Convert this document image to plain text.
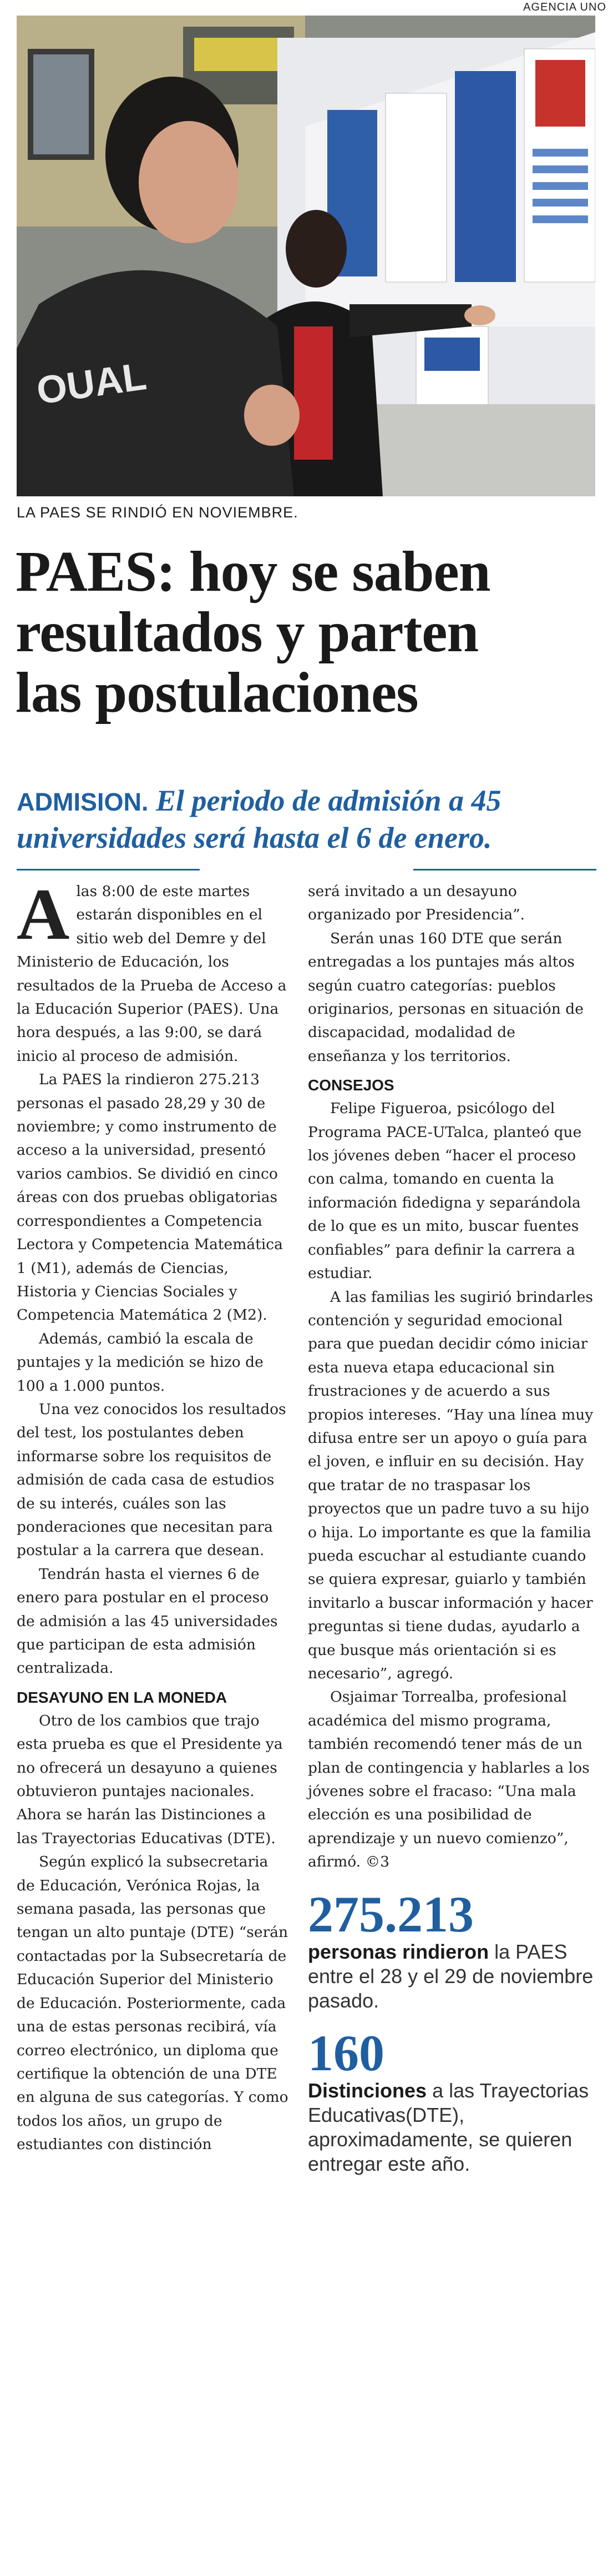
AGENCIA UNO
OUAL
LA PAES SE RINDIÓ EN NOVIEMBRE.
PAES: hoy se saben
resultados y parten
las postulaciones
ADMISION. El periodo de admisión a 45 universidades será hasta el 6 de enero.

Alas 8:00 de este martes estarán disponibles en el sitio web del Demre y del Ministerio de Educación, los resultados de la Prueba de Acceso a la Educación Superior (PAES). Una hora después, a las 9:00, se dará inicio al proceso de admisión.

La PAES la rindieron 275.213 personas el pasado 28,29 y 30 de noviembre; y como instrumento de acceso a la universidad, presentó varios cambios. Se dividió en cinco áreas con dos pruebas obligatorias correspondientes a Competencia Lectora y Competencia Matemática 1 (M1), además de Ciencias, Historia y Ciencias Sociales y Competencia Matemática 2 (M2).

Además, cambió la escala de puntajes y la medición se hizo de 100 a 1.000 puntos.

Una vez conocidos los resultados del test, los postulantes deben informarse sobre los requisitos de admisión de cada casa de estudios de su interés, cuáles son las ponderaciones que necesitan para postular a la carrera que desean.

Tendrán hasta el viernes 6 de enero para postular en el proceso de admisión a las 45 universidades que participan de esta admisión centralizada.

DESAYUNO EN LA MONEDA

Otro de los cambios que trajo esta prueba es que el Presidente ya no ofrecerá un desayuno a quienes obtuvieron puntajes nacionales. Ahora se harán las Distinciones a las Trayectorias Educativas (DTE).

Según explicó la subsecretaria de Educación, Verónica Rojas, la semana pasada, las personas que tengan un alto puntaje (DTE) “serán contactadas por la Subsecretaría de Educación Superior del Ministerio de Educación. Posteriormente, cada una de estas personas recibirá, vía correo electrónico, un diploma que certifique la obtención de una DTE en alguna de sus categorías. Y como todos los años, un grupo de estudiantes con distinción

será invitado a un desayuno organizado por Presidencia”.

Serán unas 160 DTE que serán entregadas a los puntajes más altos según cuatro categorías: pueblos originarios, personas en situación de discapacidad, modalidad de enseñanza y los territorios.

CONSEJOS

Felipe Figueroa, psicólogo del Programa PACE-UTalca, planteó que los jóvenes deben “hacer el proceso con calma, tomando en cuenta la información fidedigna y separándola de lo que es un mito, buscar fuentes confiables” para definir la carrera a estudiar.

A las familias les sugirió brindarles contención y seguridad emocional para que puedan decidir cómo iniciar esta nueva etapa educacional sin frustraciones y de acuerdo a sus propios intereses. “Hay una línea muy difusa entre ser un apoyo o guía para el joven, e influir en su decisión. Hay que tratar de no traspasar los proyectos que un padre tuvo a su hijo o hija. Lo importante es que la familia pueda escuchar al estudiante cuando se quiera expresar, guiarlo y también invitarlo a buscar información y hacer preguntas si tiene dudas, ayudarlo a que busque más orientación si es necesario”, agregó.

Osjaimar Torrealba, profesional académica del mismo programa, también recomendó tener más de un plan de contingencia y hablarles a los jóvenes sobre el fracaso: “Una mala elección es una posibilidad de aprendizaje y un nuevo comienzo”, afirmó. ©3

275.213
personas rindieron la PAES entre el 28 y el 29 de noviembre pasado.
160
Distinciones a las Trayectorias Educativas(DTE), aproximadamente, se quieren entregar este año.
